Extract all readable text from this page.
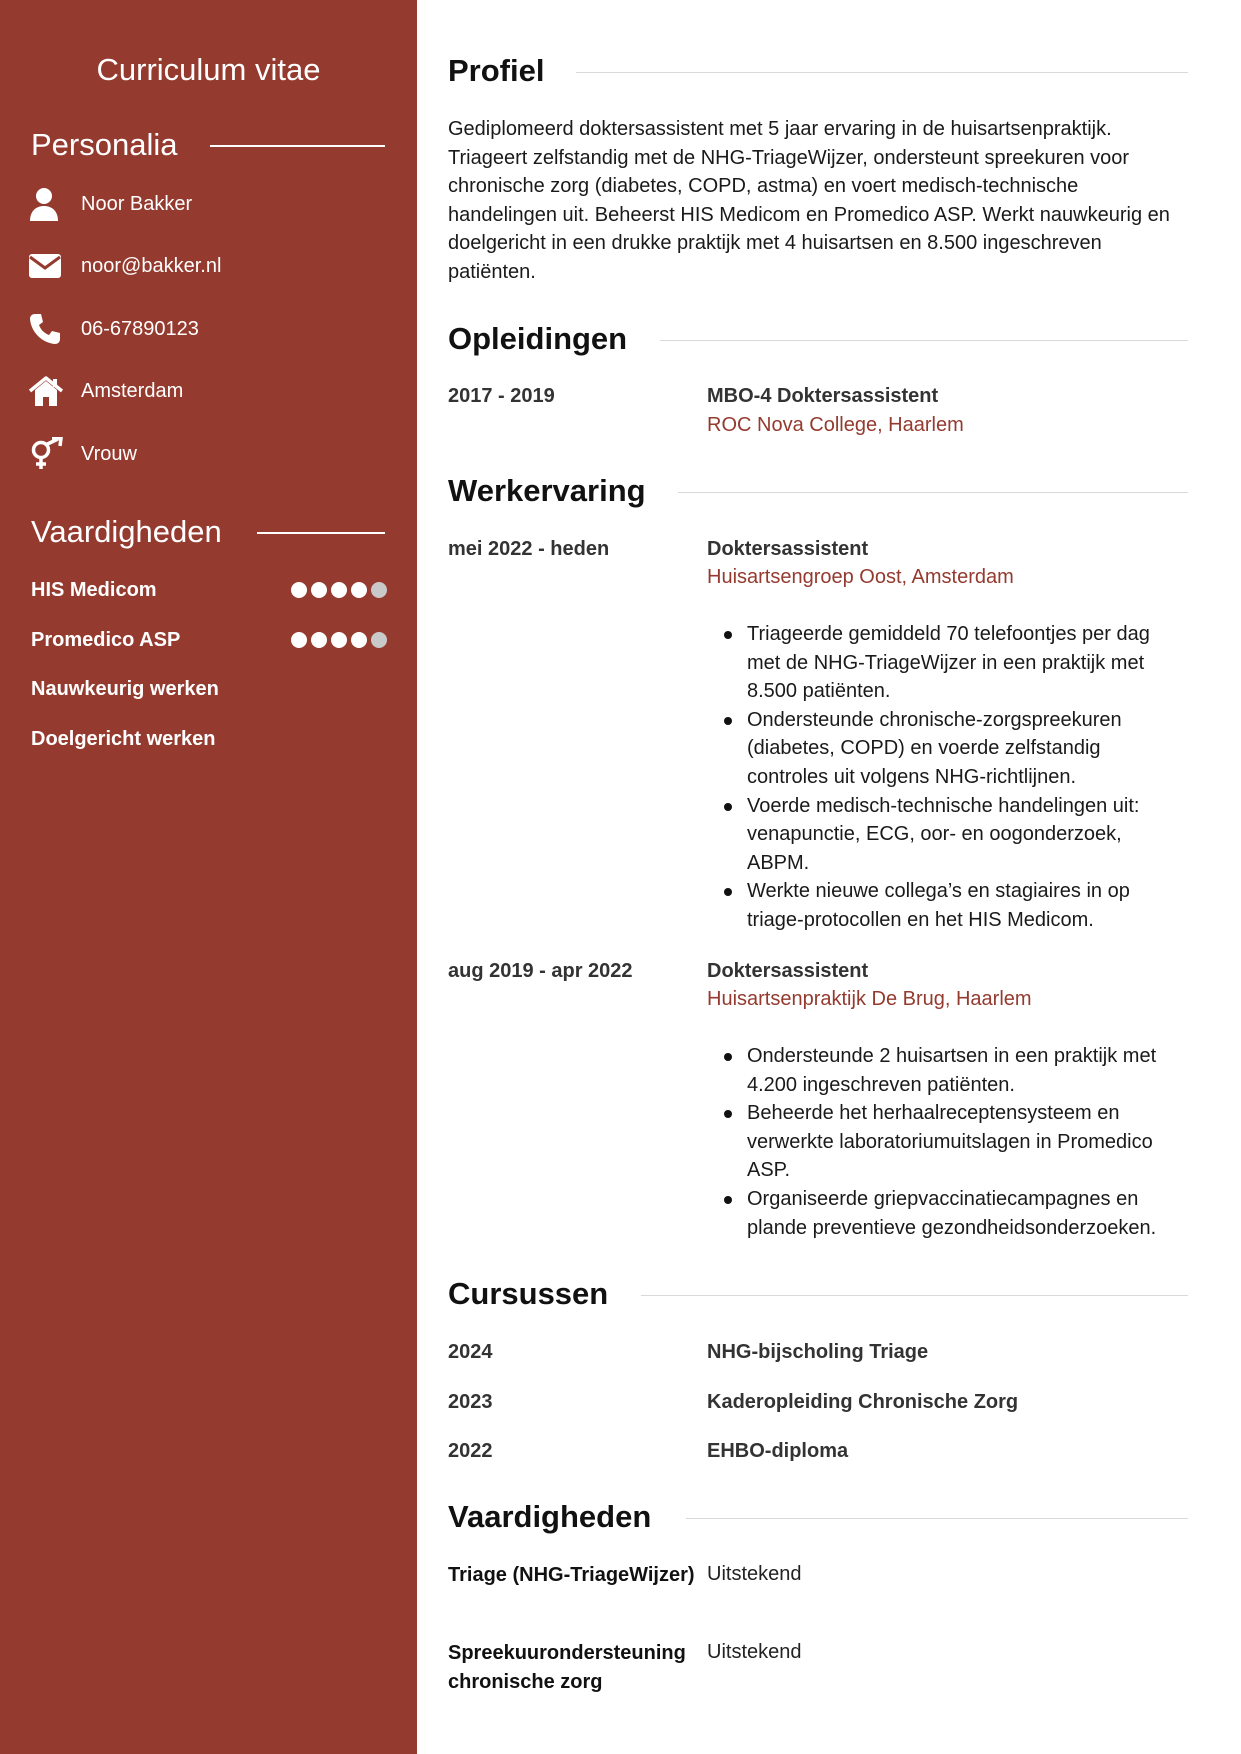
Curriculum vitae
Personalia
Noor Bakker
noor@bakker.nl
06-67890123
Amsterdam
Vrouw
Vaardigheden
HIS Medicom
Promedico ASP
Nauwkeurig werken
Doelgericht werken
Profiel
Gediplomeerd doktersassistent met 5 jaar ervaring in de huisartsenpraktijk. Triageert zelfstandig met de NHG-TriageWijzer, ondersteunt spreekuren voor chronische zorg (diabetes, COPD, astma) en voert medisch-technische handelingen uit. Beheerst HIS Medicom en Promedico ASP. Werkt nauwkeurig en doelgericht in een drukke praktijk met 4 huisartsen en 8.500 ingeschreven patiënten.
Opleidingen
2017 - 2019	MBO-4 Doktersassistent
ROC Nova College, Haarlem
Werkervaring
mei 2022 - heden	Doktersassistent
Huisartsengroep Oost, Amsterdam
Triageerde gemiddeld 70 telefoontjes per dag met de NHG-TriageWijzer in een praktijk met 8.500 patiënten.
Ondersteunde chronische-zorgspreekuren (diabetes, COPD) en voerde zelfstandig controles uit volgens NHG-richtlijnen.
Voerde medisch-technische handelingen uit: venapunctie, ECG, oor- en oogonderzoek, ABPM.
Werkte nieuwe collega’s en stagiaires in op triage-protocollen en het HIS Medicom.
aug 2019 - apr 2022	Doktersassistent
Huisartsenpraktijk De Brug, Haarlem
Ondersteunde 2 huisartsen in een praktijk met 4.200 ingeschreven patiënten.
Beheerde het herhaalreceptensysteem en verwerkte laboratoriumuitslagen in Promedico ASP.
Organiseerde griepvaccinatiecampagnes en plande preventieve gezondheidsonderzoeken.
Cursussen
2024	NHG-bijscholing Triage
2023	Kaderopleiding Chronische Zorg
2022	EHBO-diploma
Vaardigheden
Triage (NHG-TriageWijzer) Uitstekend
Spreekuurondersteuning chronische zorg
Uitstekend
